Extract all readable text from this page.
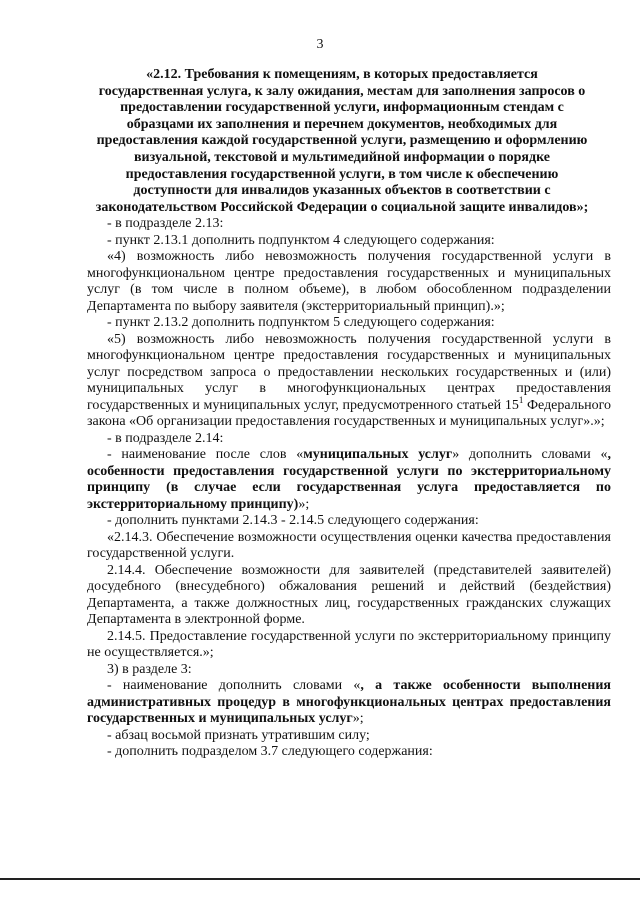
3
«2.12. Требования к помещениям, в которых предоставляется
государственная услуга, к залу ожидания, местам для заполнения запросов о
предоставлении государственной услуги, информационным стендам с
образцами их заполнения и перечнем документов, необходимых для
предоставления каждой государственной услуги, размещению и оформлению
визуальной, текстовой и мультимедийной информации о порядке
предоставления государственной услуги, в том числе к обеспечению
доступности для инвалидов указанных объектов в соответствии с
законодательством Российской Федерации о социальной защите инвалидов»;

- в подразделе 2.13:

- пункт 2.13.1 дополнить подпунктом 4 следующего содержания:

«4) возможность либо невозможность получения государственной услуги в многофункциональном центре предоставления государственных и муниципальных услуг (в том числе в полном объеме), в любом обособленном подразделении Департамента по выбору заявителя (экстерриториальный принцип).»;

- пункт 2.13.2 дополнить подпунктом 5 следующего содержания:

«5) возможность либо невозможность получения государственной услуги в многофункциональном центре предоставления государственных и муниципальных услуг посредством запроса о предоставлении нескольких государственных и (или) муниципальных услуг в многофункциональных центрах предоставления государственных и муниципальных услуг, предусмотренного статьей $15^1$ Федерального закона «Об организации предоставления государственных и муниципальных услуг».»;

- в подразделе 2.14:

- наименование после слов «муниципальных услуг» дополнить словами «, особенности предоставления государственной услуги по экстерриториальному принципу (в случае если государственная услуга предоставляется по экстерриториальному принципу)»;

- дополнить пунктами 2.14.3 - 2.14.5 следующего содержания:

«2.14.3. Обеспечение возможности осуществления оценки качества предоставления государственной услуги.

2.14.4. Обеспечение возможности для заявителей (представителей заявителей) досудебного (внесудебного) обжалования решений и действий (бездействия) Департамента, а также должностных лиц, государственных гражданских служащих Департамента в электронной форме.

2.14.5. Предоставление государственной услуги по экстерриториальному принципу не осуществляется.»;

3) в разделе 3:

- наименование дополнить словами «, а также особенности выполнения административных процедур в многофункциональных центрах предоставления государственных и муниципальных услуг»;

- абзац восьмой признать утратившим силу;

- дополнить подразделом 3.7 следующего содержания:
